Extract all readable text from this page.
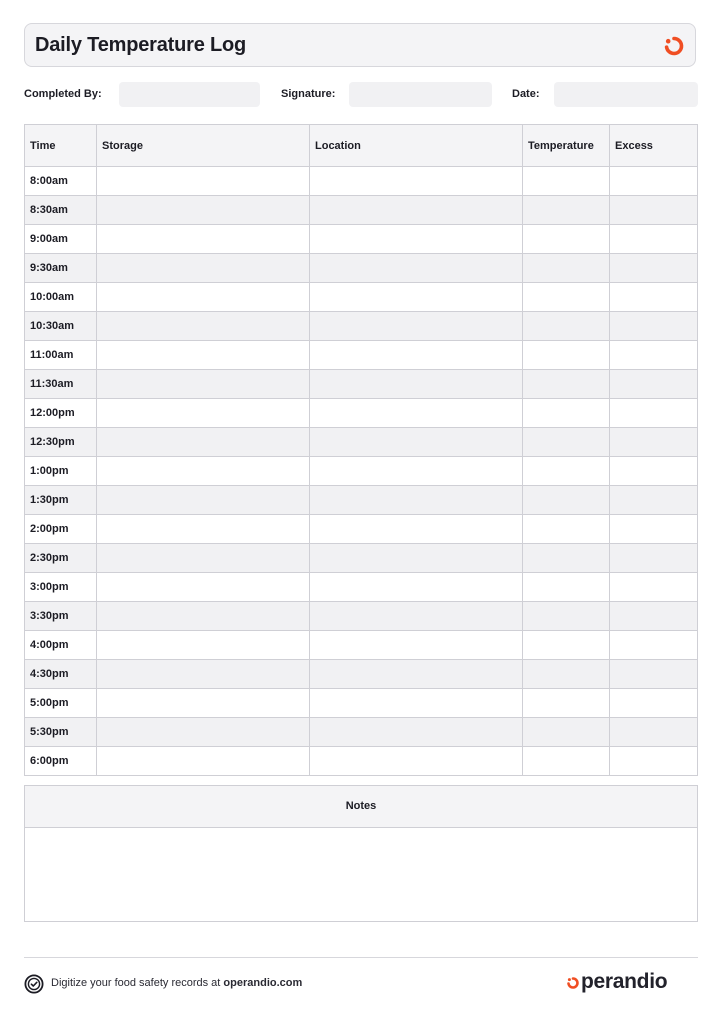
Daily Temperature Log
Completed By:	Signature:	Date:
Time	Storage	Location	Temperature	Excess
8:00am				
8:30am				
9:00am				
9:30am				
10:00am				
10:30am				
11:00am				
11:30am				
12:00pm				
12:30pm				
1:00pm				
1:30pm				
2:00pm				
2:30pm				
3:00pm				
3:30pm				
4:00pm				
4:30pm				
5:00pm				
5:30pm				
6:00pm				
Notes
Digitize your food safety records at operandio.com	perandio
